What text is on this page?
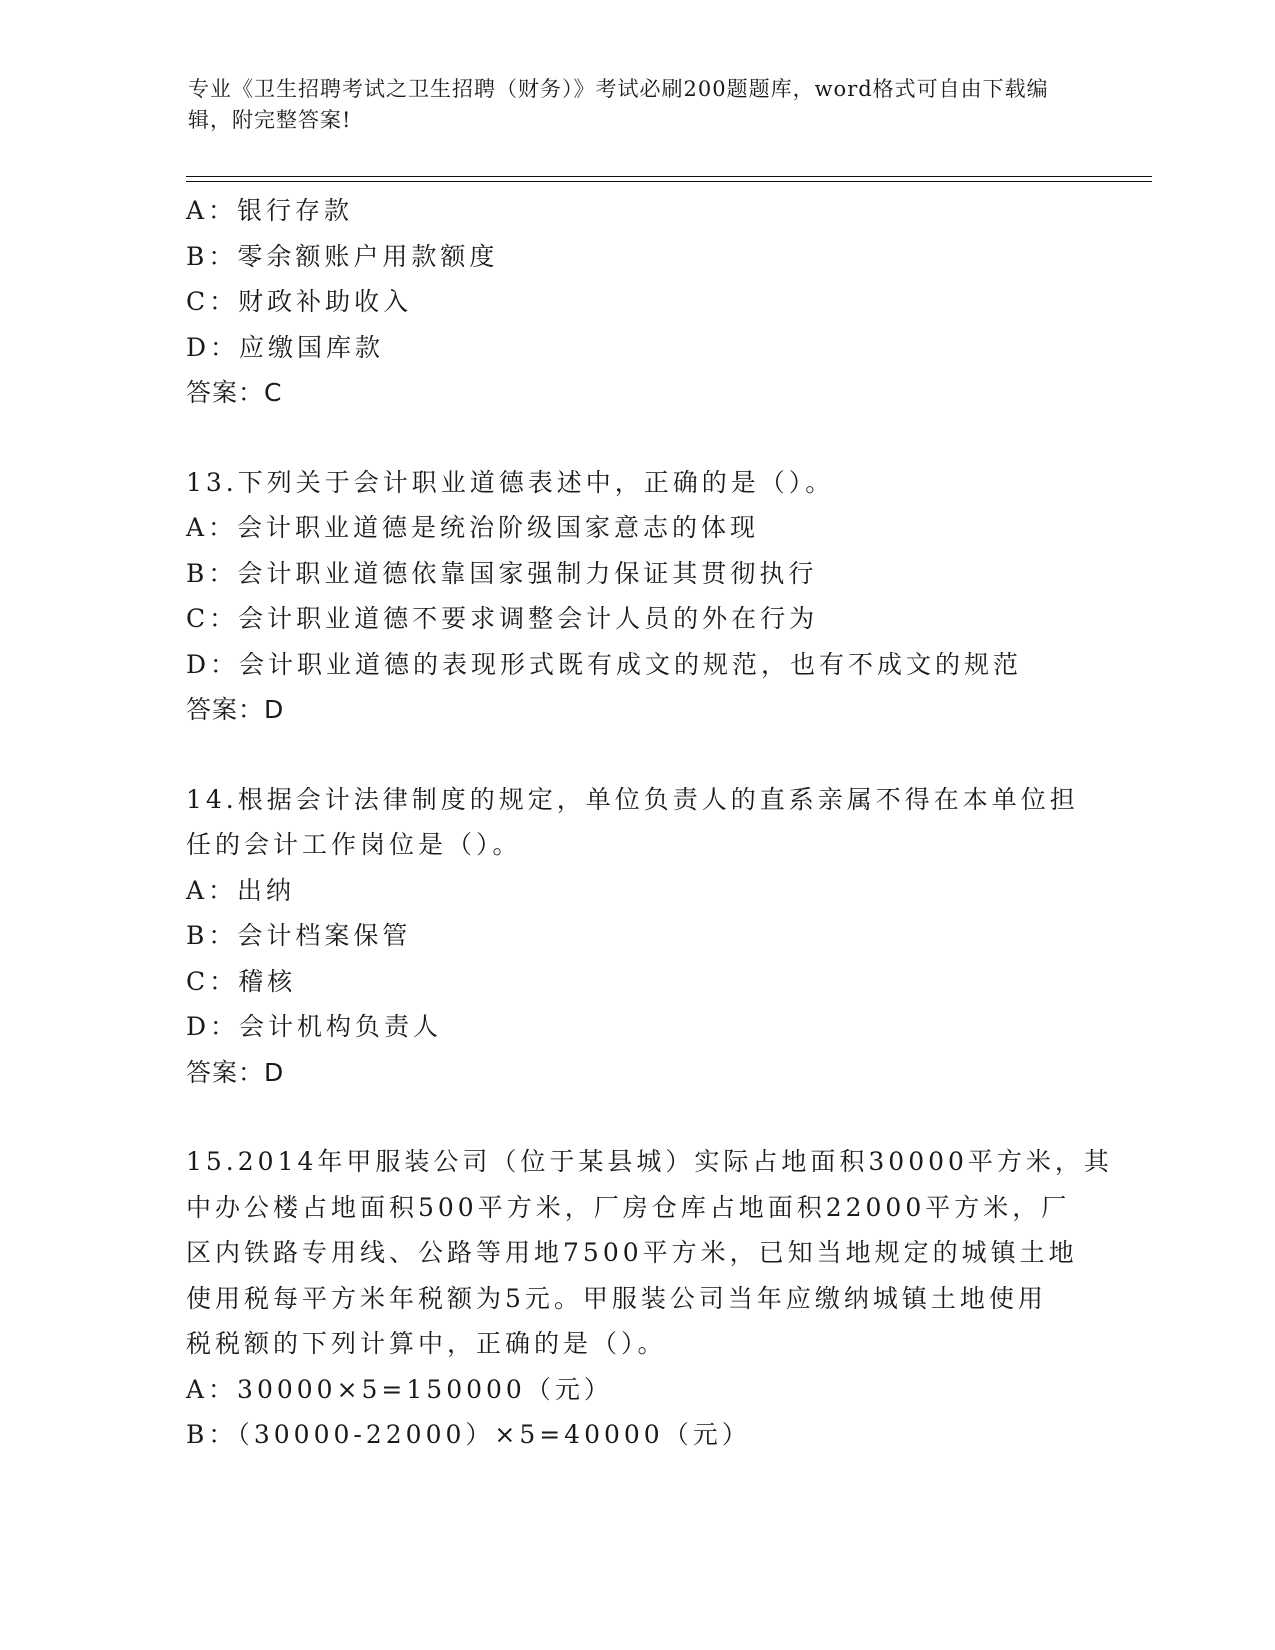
专业《卫生招聘考试之卫生招聘（财务）》考试必刷200题题库，word格式可自由下载编辑，附完整答案!
A：银行存款
B：零余额账户用款额度
C：财政补助收入
D：应缴国库款
答案：C
13.下列关于会计职业道德表述中，正确的是（）。
A：会计职业道德是统治阶级国家意志的体现
B：会计职业道德依靠国家强制力保证其贯彻执行
C：会计职业道德不要求调整会计人员的外在行为
D：会计职业道德的表现形式既有成文的规范，也有不成文的规范
答案：D
14.根据会计法律制度的规定，单位负责人的直系亲属不得在本单位担
任的会计工作岗位是（）。
A：出纳
B：会计档案保管
C：稽核
D：会计机构负责人
答案：D
15.2014年甲服装公司（位于某县城）实际占地面积30000平方米，其
中办公楼占地面积500平方米，厂房仓库占地面积22000平方米，厂
区内铁路专用线、公路等用地7500平方米，已知当地规定的城镇土地
使用税每平方米年税额为5元。甲服装公司当年应缴纳城镇土地使用
税税额的下列计算中，正确的是（）。
A：30000×5=150000（元）
B：（30000-22000）×5=40000（元）
